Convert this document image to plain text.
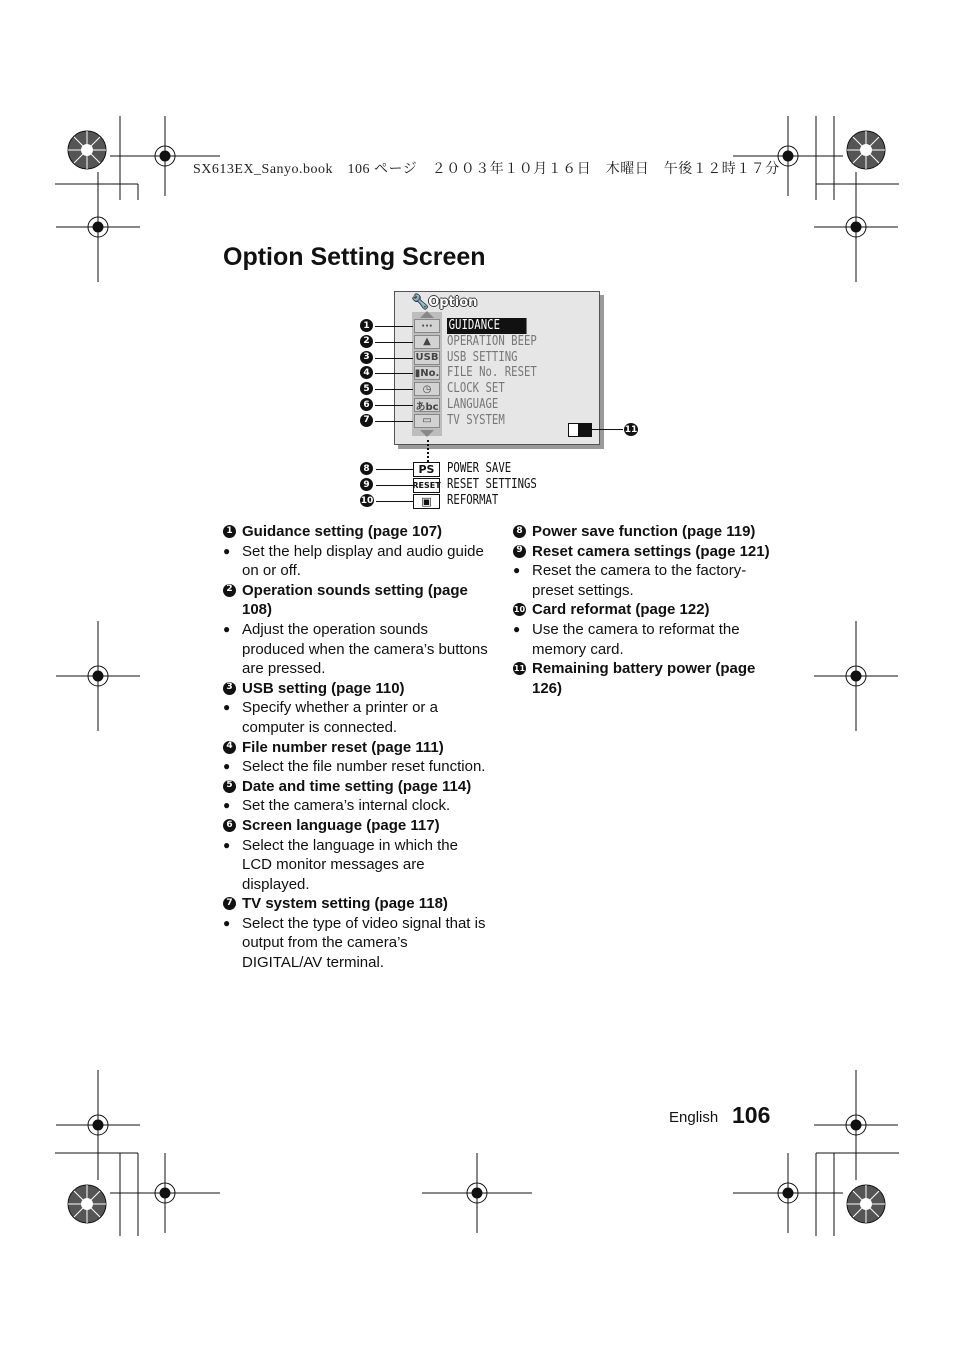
SX613EX_Sanyo.book　106 ページ　２００３年１０月１６日　木曜日　午後１２時１７分
Option Setting Screen
🔧Option
1	···	GUIDANCE
2	▲	OPERATION BEEP
3	USB USB SETTING
4	▮No. FILE No. RESET
5	◷	CLOCK SET
6	あbc LANGUAGE
7	▭	TV SYSTEM
11
8	PS POWER SAVE
9	RESET RESET SETTINGS
10	▣	REFORMAT
1 Guidance setting (page 107)
● Set the help display and audio guide on or off.
2 Operation sounds setting (page 108)
● Adjust the operation sounds produced when the camera’s buttons are pressed.
3 USB setting (page 110)
● Specify whether a printer or a computer is connected.
4 File number reset (page 111)
● Select the file number reset function.
5 Date and time setting (page 114)
● Set the camera’s internal clock.
6 Screen language (page 117)
● Select the language in which the LCD monitor messages are displayed.
7 TV system setting (page 118)
● Select the type of video signal that is output from the camera’s DIGITAL/AV terminal.
8 Power save function (page 119)
9 Reset camera settings (page 121)
● Reset the camera to the factory-preset settings.
10 Card reformat (page 122)
● Use the camera to reformat the memory card.
11 Remaining battery power (page 126)
English 106
